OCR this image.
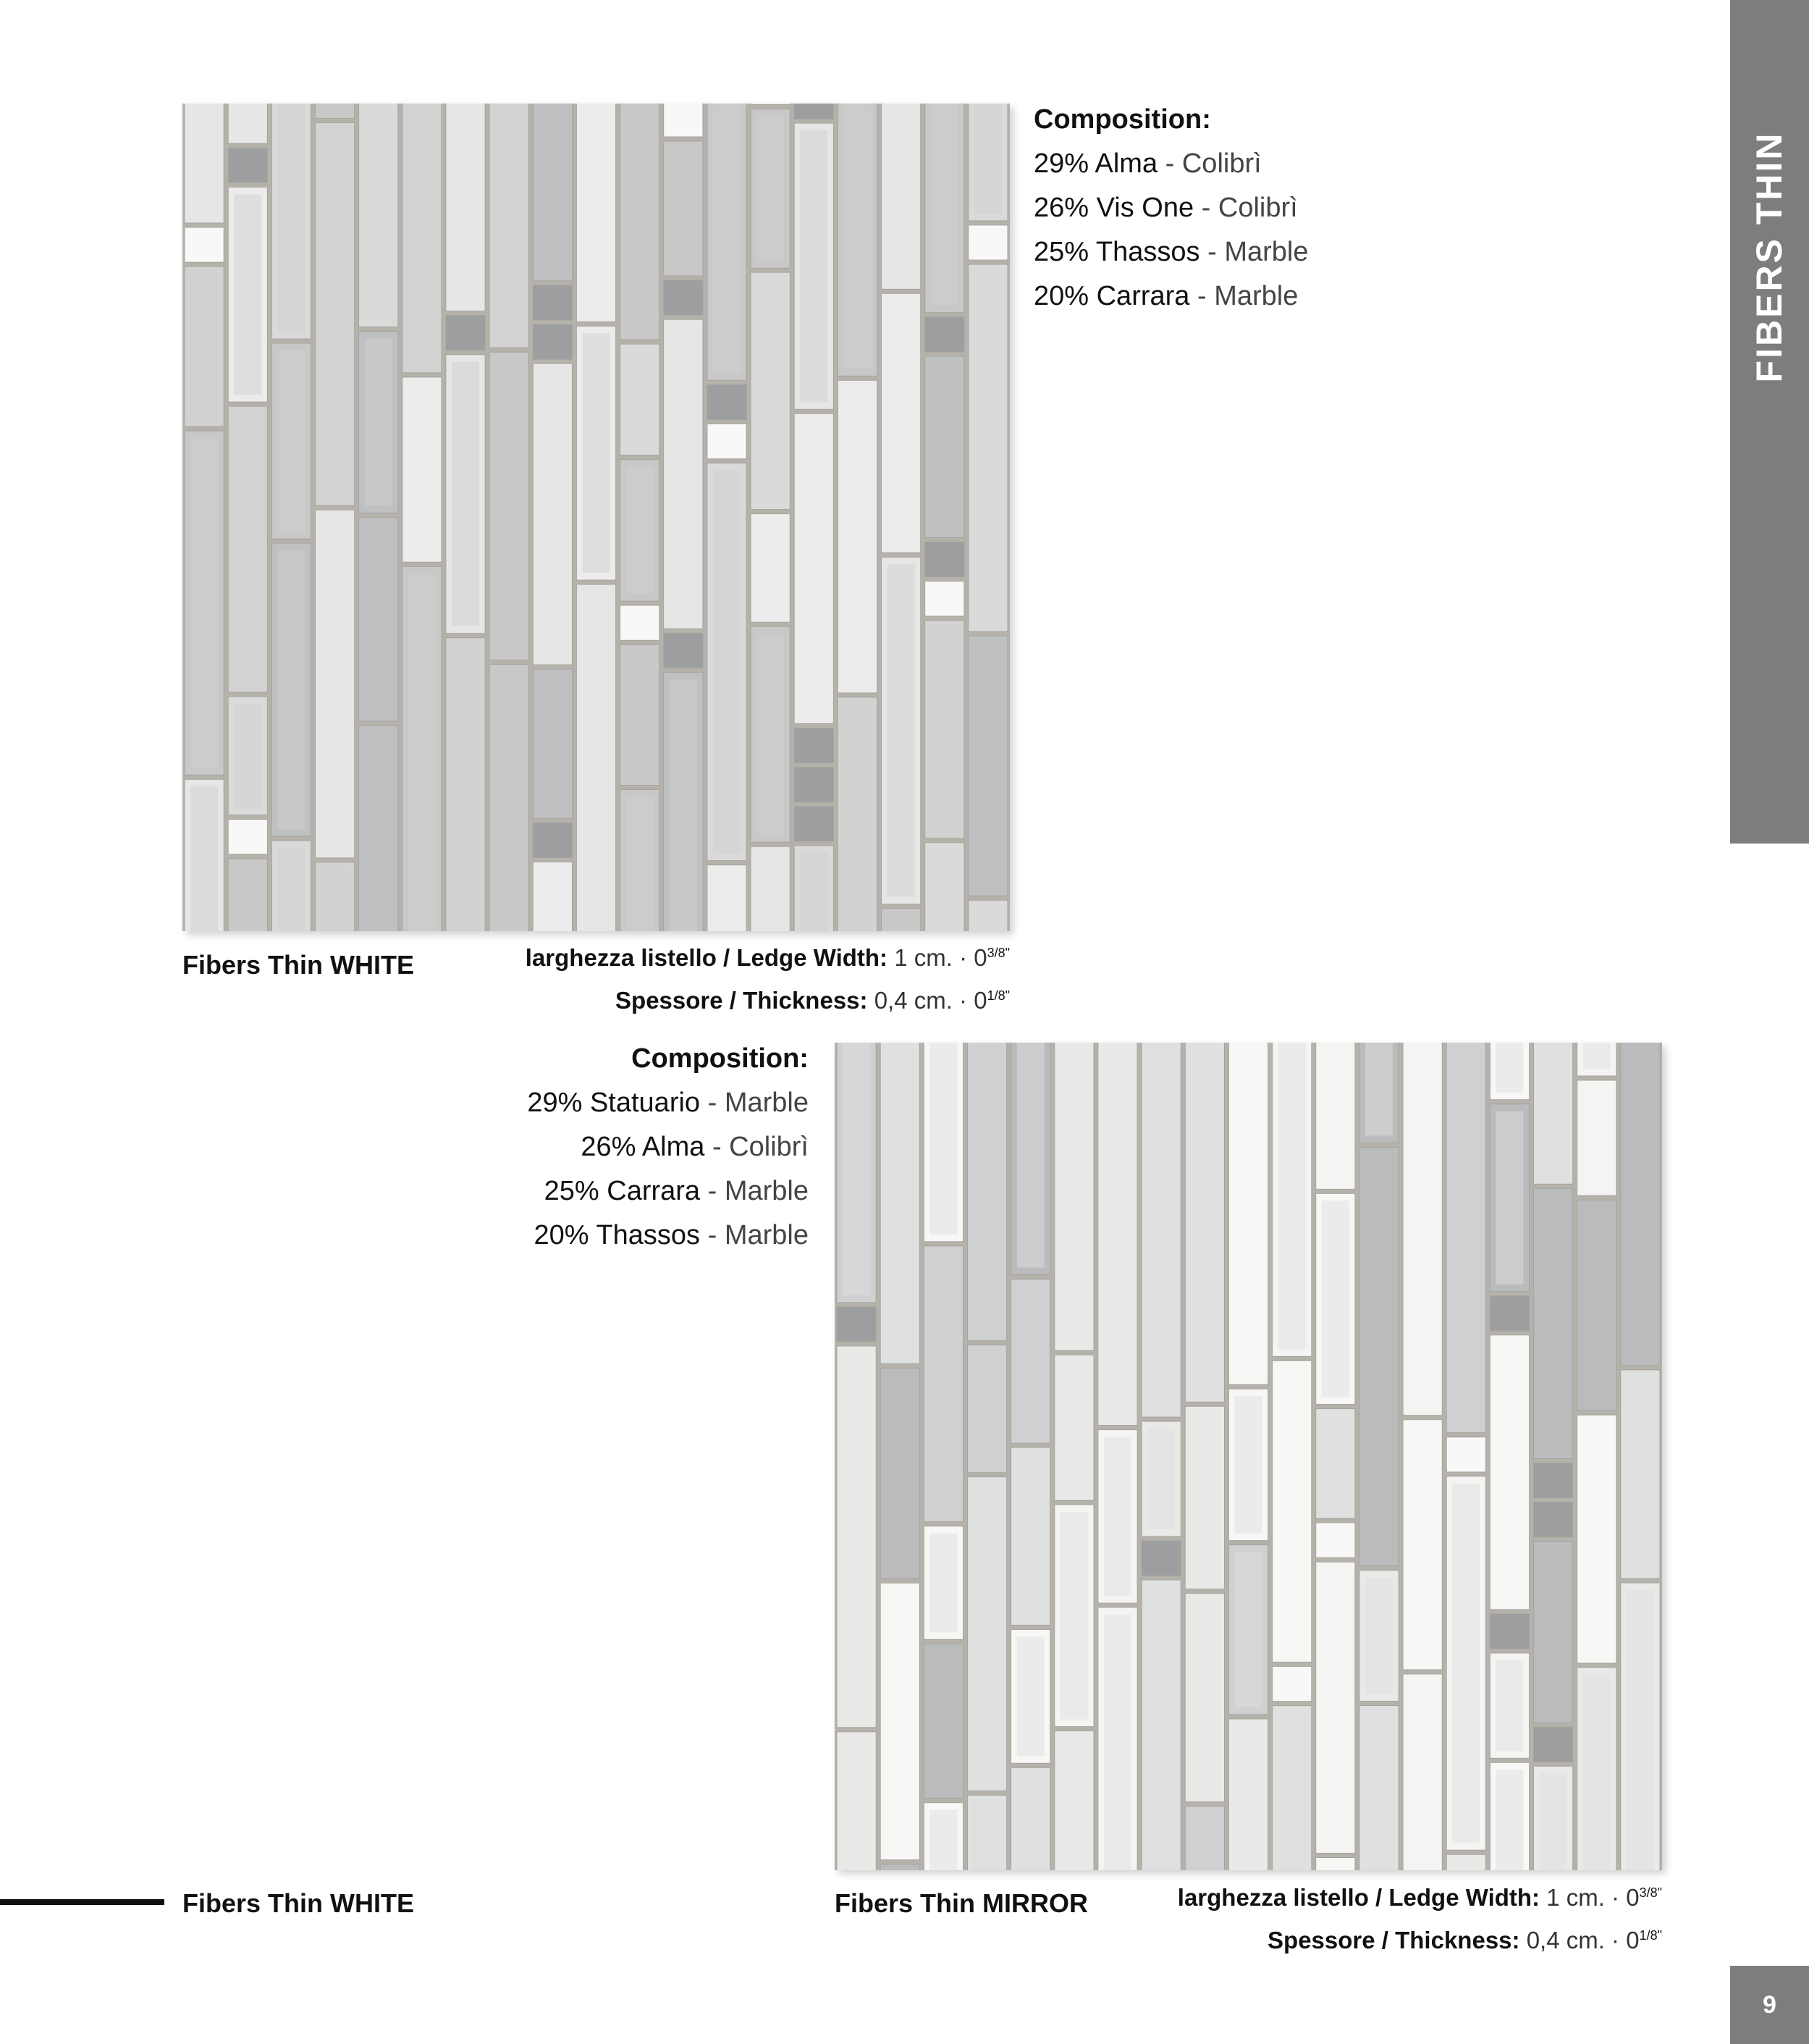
FIBERS THIN
Composition:
29% Alma - Colibrì
26% Vis One - Colibrì
25% Thassos - Marble
20% Carrara - Marble
Fibers Thin WHITE	larghezza listello / Ledge Width: 1 cm. · $0^{3/8"}$
Spessore / Thickness: 0,4 cm. · $0^{1/8"}$
Composition:
29% Statuario - Marble
26% Alma - Colibrì
25% Carrara - Marble
20% Thassos - Marble
Fibers Thin WHITE	Fibers Thin MIRROR	larghezza listello / Ledge Width: 1 cm. · $0^{3/8"}$
Spessore / Thickness: 0,4 cm. · $0^{1/8"}$
9
